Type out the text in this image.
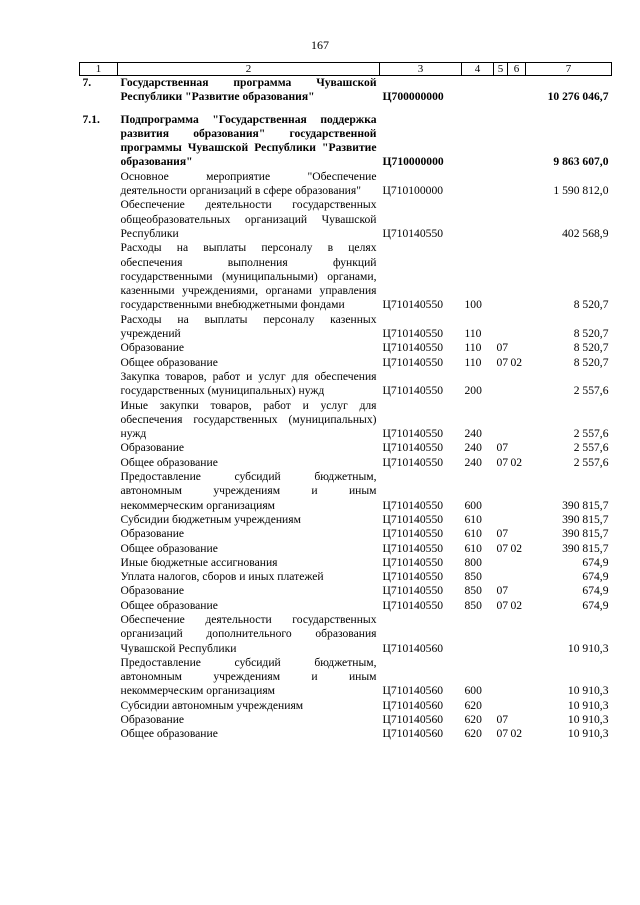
167
1	2	3	4	5	6	7
7.	Государственная программа Чувашской Республики "Развитие образования"	Ц700000000				10 276 046,7

7.1.	Подпрограмма "Государственная поддержка развития образования" государственной программы Чувашской Республики "Развитие образования"	Ц710000000				9 863 607,0
	Основное мероприятие "Обеспечение деятельности организаций в сфере образования"	Ц710100000				1 590 812,0
	Обеспечение деятельности государственных общеобразовательных организаций Чувашской Республики	Ц710140550				402 568,9
	Расходы на выплаты персоналу в целях обеспечения выполнения функций государственными (муниципальными) органами, казенными учреждениями, органами управления государственными внебюджетными фондами	Ц710140550	100			8 520,7
	Расходы на выплаты персоналу казенных учреждений	Ц710140550	110			8 520,7
	Образование	Ц710140550	110	07		8 520,7
	Общее образование	Ц710140550	110	07	02	8 520,7
	Закупка товаров, работ и услуг для обеспечения государственных (муниципальных) нужд	Ц710140550	200			2 557,6
	Иные закупки товаров, работ и услуг для обеспечения государственных (муниципальных) нужд	Ц710140550	240			2 557,6
	Образование	Ц710140550	240	07		2 557,6
	Общее образование	Ц710140550	240	07	02	2 557,6
	Предоставление субсидий бюджетным, автономным учреждениям и иным некоммерческим организациям	Ц710140550	600			390 815,7
	Субсидии бюджетным учреждениям	Ц710140550	610			390 815,7
	Образование	Ц710140550	610	07		390 815,7
	Общее образование	Ц710140550	610	07	02	390 815,7
	Иные бюджетные ассигнования	Ц710140550	800			674,9
	Уплата налогов, сборов и иных платежей	Ц710140550	850			674,9
	Образование	Ц710140550	850	07		674,9
	Общее образование	Ц710140550	850	07	02	674,9
	Обеспечение деятельности государственных организаций дополнительного образования Чувашской Республики	Ц710140560				10 910,3
	Предоставление субсидий бюджетным, автономным учреждениям и иным некоммерческим организациям	Ц710140560	600			10 910,3
	Субсидии автономным учреждениям	Ц710140560	620			10 910,3
	Образование	Ц710140560	620	07		10 910,3
	Общее образование	Ц710140560	620	07	02	10 910,3
